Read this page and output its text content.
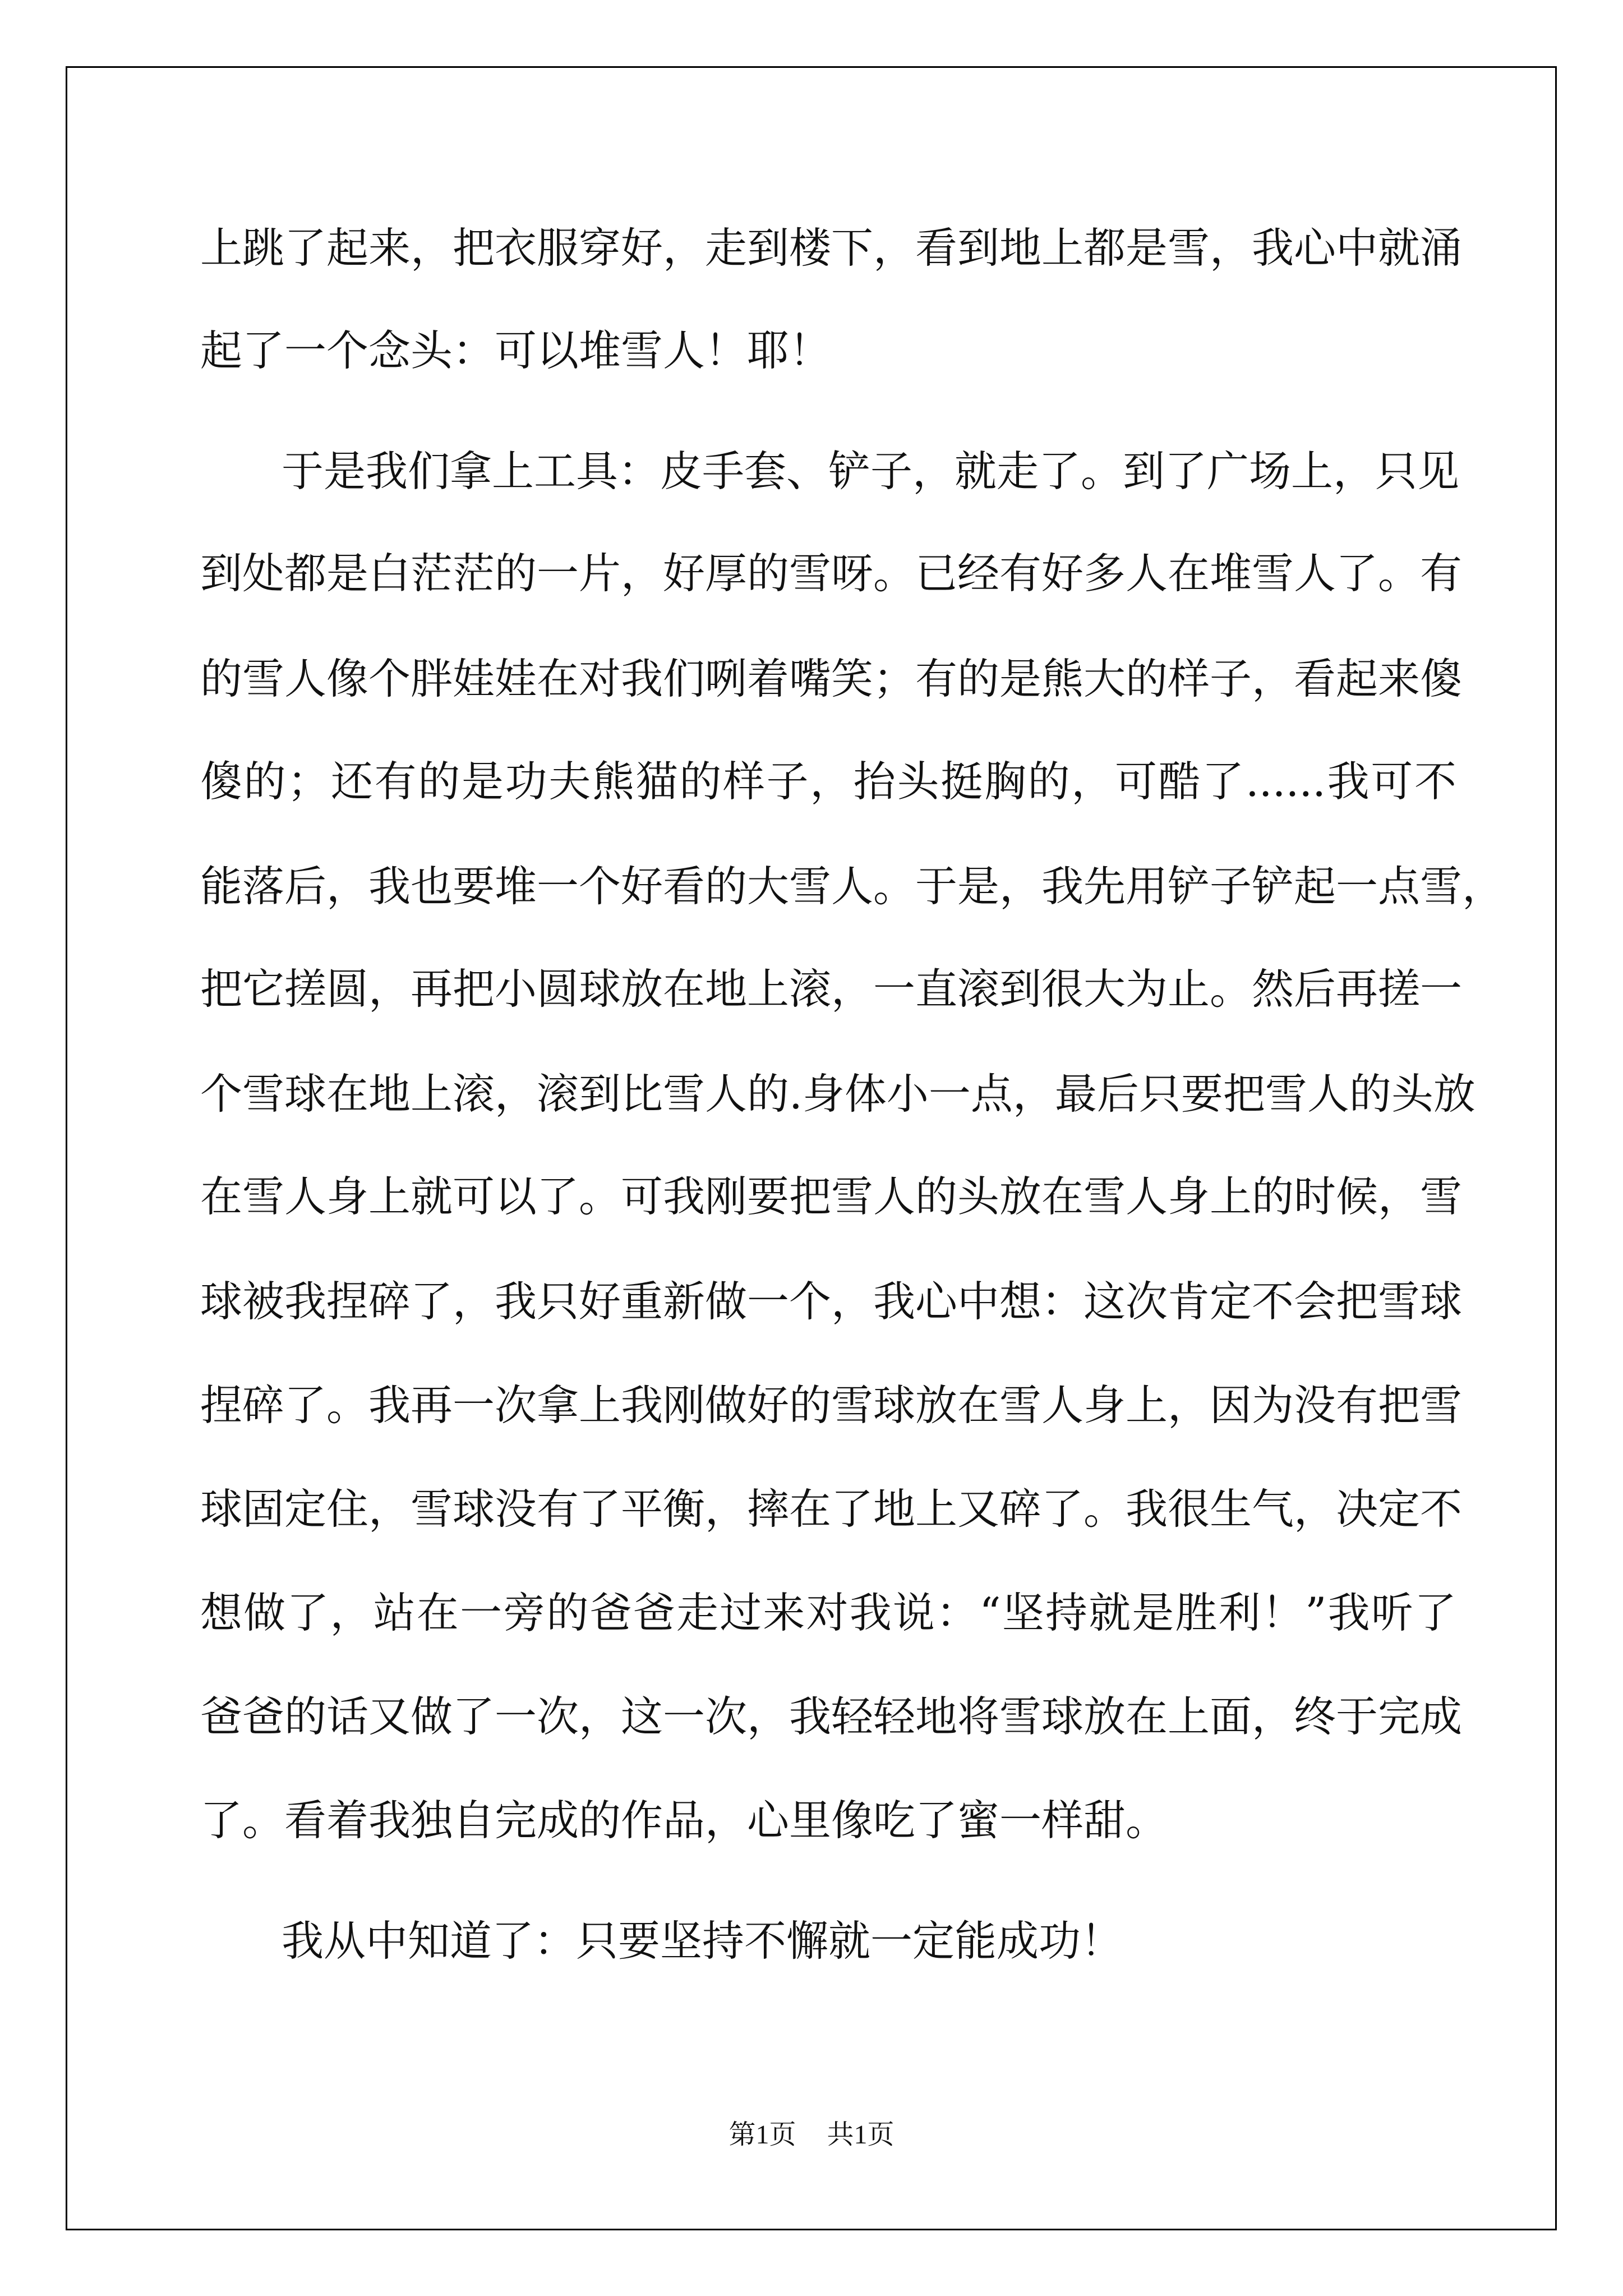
上跳了起来，把衣服穿好，走到楼下，看到地上都是雪，我心中就涌
起了一个念头：可以堆雪人！耶！
于是我们拿上工具：皮手套、铲子，就走了。到了广场上，只见
到处都是白茫茫的一片，好厚的雪呀。已经有好多人在堆雪人了。有
的雪人像个胖娃娃在对我们咧着嘴笑；有的是熊大的样子，看起来傻
傻的；还有的是功夫熊猫的样子，抬头挺胸的，可酷了......我可不
能落后，我也要堆一个好看的大雪人。于是，我先用铲子铲起一点雪，
把它搓圆，再把小圆球放在地上滚，一直滚到很大为止。然后再搓一
个雪球在地上滚，滚到比雪人的.身体小一点，最后只要把雪人的头放
在雪人身上就可以了。可我刚要把雪人的头放在雪人身上的时候，雪
球被我捏碎了，我只好重新做一个，我心中想：这次肯定不会把雪球
捏碎了。我再一次拿上我刚做好的雪球放在雪人身上，因为没有把雪
球固定住，雪球没有了平衡，摔在了地上又碎了。我很生气，决定不
想做了，站在一旁的爸爸走过来对我说：“坚持就是胜利！”我听了
爸爸的话又做了一次，这一次，我轻轻地将雪球放在上面，终于完成
了。看着我独自完成的作品，心里像吃了蜜一样甜。
我从中知道了：只要坚持不懈就一定能成功！
第1页 共1页
